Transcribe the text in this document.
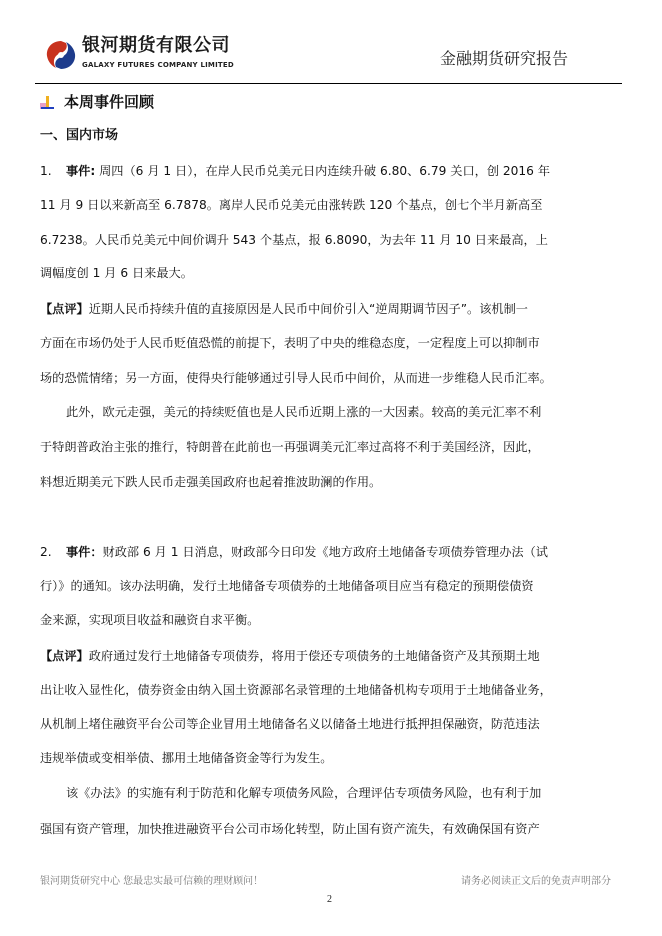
银河期货有限公司
GALAXY FUTURES COMPANY LIMITED	金融期货研究报告
本周事件回顾
一、国内市场
1. 事件: 周四（6 月 1 日），在岸人民币兑美元日内连续升破 6.80、6.79 关口，创 2016 年
11 月 9 日以来新高至 6.7878。离岸人民币兑美元由涨转跌 120 个基点，创七个半月新高至
6.7238。人民币兑美元中间价调升 543 个基点，报 6.8090，为去年 11 月 10 日来最高，上
调幅度创 1 月 6 日来最大。
【点评】近期人民币持续升值的直接原因是人民币中间价引入“逆周期调节因子”。该机制一
方面在市场仍处于人民币贬值恐慌的前提下，表明了中央的维稳态度，一定程度上可以抑制市
场的恐慌情绪；另一方面，使得央行能够通过引导人民币中间价，从而进一步维稳人民币汇率。
此外，欧元走强，美元的持续贬值也是人民币近期上涨的一大因素。较高的美元汇率不利
于特朗普政治主张的推行，特朗普在此前也一再强调美元汇率过高将不利于美国经济，因此，
料想近期美元下跌人民币走强美国政府也起着推波助澜的作用。
2. 事件：财政部 6 月 1 日消息，财政部今日印发《地方政府土地储备专项债券管理办法（试
行）》的通知。该办法明确，发行土地储备专项债券的土地储备项目应当有稳定的预期偿债资
金来源，实现项目收益和融资自求平衡。
【点评】政府通过发行土地储备专项债券，将用于偿还专项债务的土地储备资产及其预期土地
出让收入显性化，债券资金由纳入国土资源部名录管理的土地储备机构专项用于土地储备业务，
从机制上堵住融资平台公司等企业冒用土地储备名义以储备土地进行抵押担保融资，防范违法
违规举债或变相举债、挪用土地储备资金等行为发生。
该《办法》的实施有利于防范和化解专项债务风险，合理评估专项债务风险，也有利于加
强国有资产管理，加快推进融资平台公司市场化转型，防止国有资产流失，有效确保国有资产
银河期货研究中心 您最忠实最可信赖的理财顾问！	请务必阅读正文后的免责声明部分
2
